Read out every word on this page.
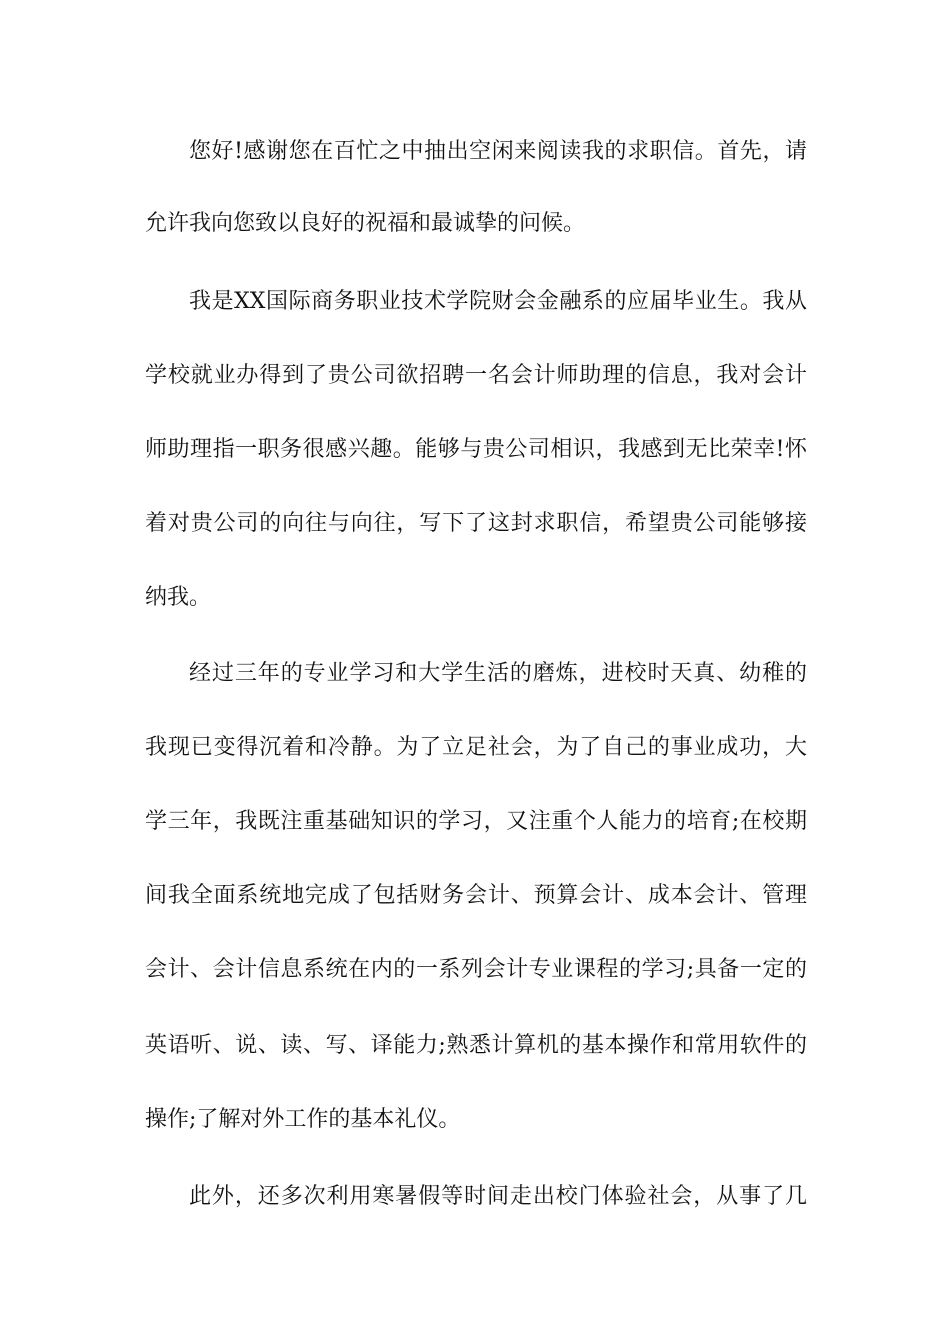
您好!感谢您在百忙之中抽出空闲来阅读我的求职信。首先，请
允许我向您致以良好的祝福和最诚挚的问候。
我是XX国际商务职业技术学院财会金融系的应届毕业生。我从
学校就业办得到了贵公司欲招聘一名会计师助理的信息，我对会计
师助理指一职务很感兴趣。能够与贵公司相识，我感到无比荣幸!怀
着对贵公司的向往与向往，写下了这封求职信，希望贵公司能够接
纳我。
经过三年的专业学习和大学生活的磨炼，进校时天真、幼稚的
我现已变得沉着和冷静。为了立足社会，为了自己的事业成功，大
学三年，我既注重基础知识的学习，又注重个人能力的培育;在校期
间我全面系统地完成了包括财务会计、预算会计、成本会计、管理
会计、会计信息系统在内的一系列会计专业课程的学习;具备一定的
英语听、说、读、写、译能力;熟悉计算机的基本操作和常用软件的
操作;了解对外工作的基本礼仪。
此外，还多次利用寒暑假等时间走出校门体验社会，从事了几
